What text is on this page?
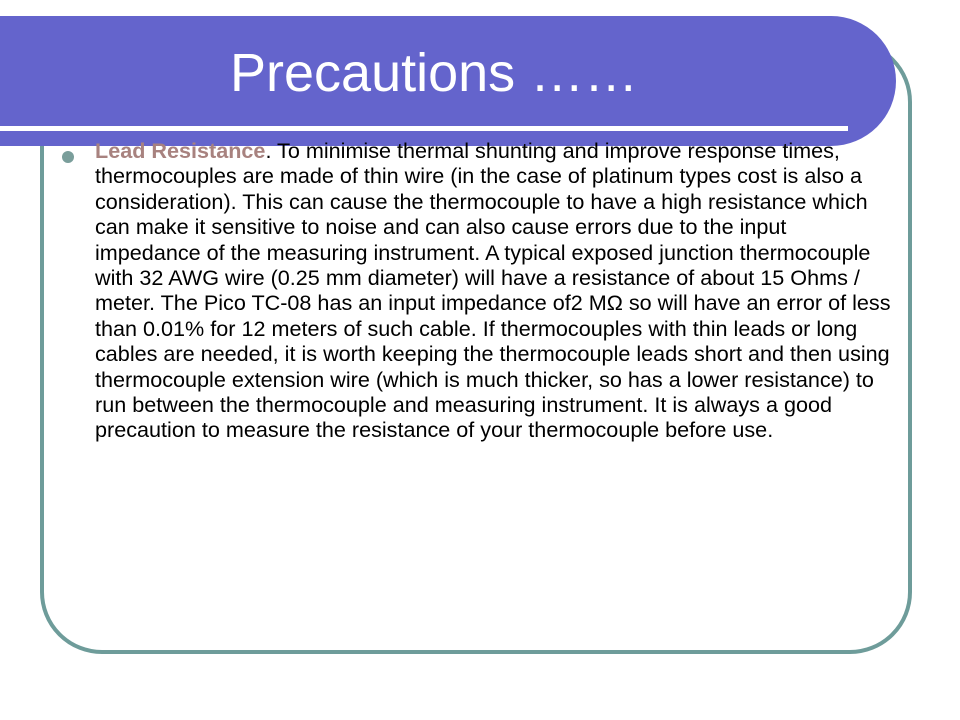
Precautions ……
Lead Resistance. To minimise thermal shunting and improve response times, thermocouples are made of thin wire (in the case of platinum types cost is also a consideration). This can cause the thermocouple to have a high resistance which can make it sensitive to noise and can also cause errors due to the input impedance of the measuring instrument. A typical exposed junction thermocouple with 32 AWG wire (0.25 mm diameter) will have a resistance of about 15 Ohms / meter. The Pico TC-08 has an input impedance of2 MΩ so will have an error of less than 0.01% for 12 meters of such cable. If thermocouples with thin leads or long cables are needed, it is worth keeping the thermocouple leads short and then using thermocouple extension wire (which is much thicker, so has a lower resistance) to run between the thermocouple and measuring instrument. It is always a good precaution to measure the resistance of your thermocouple before use.
